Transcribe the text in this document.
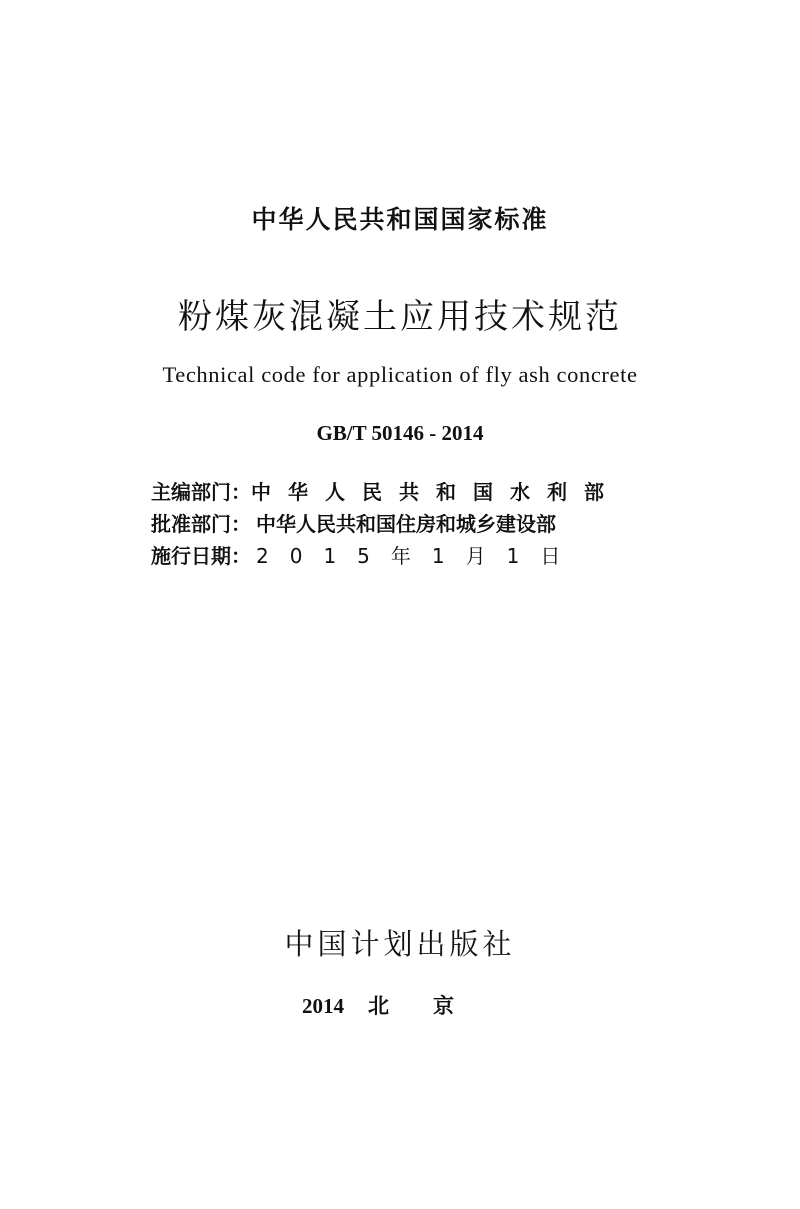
中华人民共和国国家标准
粉煤灰混凝土应用技术规范
Technical code for application of fly ash concrete
GB/T 50146 - 2014
主编部门： 中华人民共和国水利部
批准部门： 中华人民共和国住房和城乡建设部
施行日期： 2015年1月1日
中国计划出版社
2014 北京
